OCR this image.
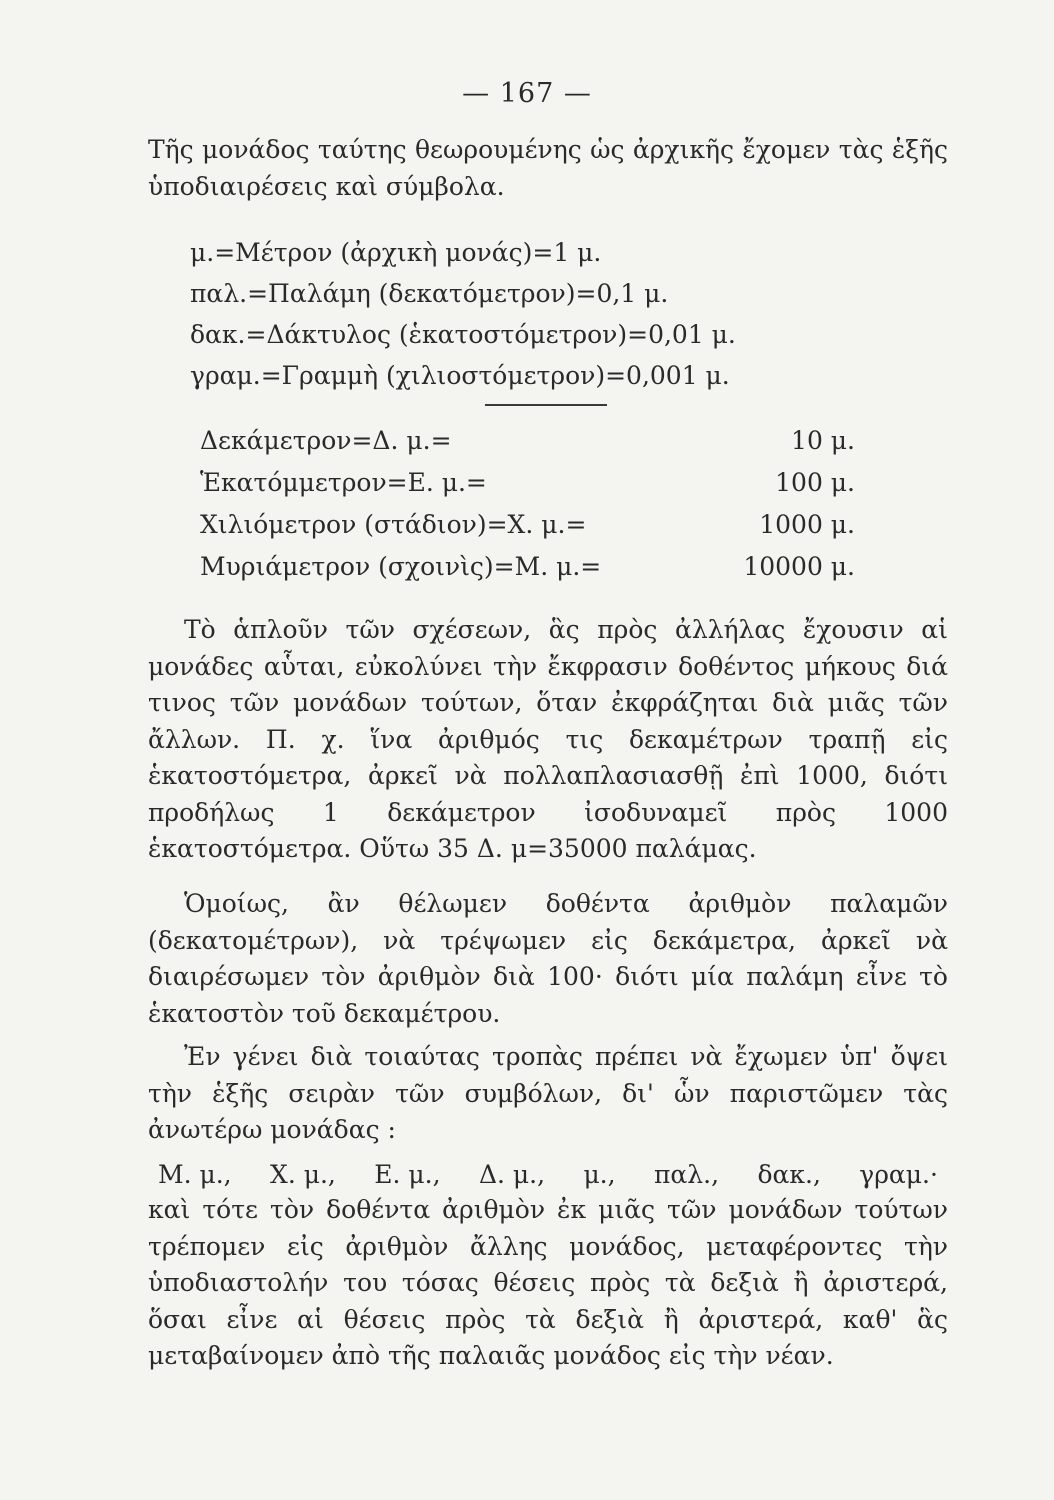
— 167 —
Τῆς μονάδος ταύτης θεωρουμένης ὡς ἀρχικῆς ἔχομεν τὰς ἑξῆς ὑποδιαιρέσεις καὶ σύμβολα.
μ.=Μέτρον (ἀρχικὴ μονάς)=1 μ.
παλ.=Παλάμη (δεκατόμετρον)=0,1 μ.
δακ.=Δάκτυλος (ἑκατοστόμετρον)=0,01 μ.
γραμ.=Γραμμὴ (χιλιοστόμετρον)=0,001 μ.
Δεκάμετρον=Δ. μ.=	10 μ.
Ἑκατόμμετρον=Ε. μ.=	100 μ.
Χιλιόμετρον (στάδιον)=Χ. μ.=	1000 μ.
Μυριάμετρον (σχοινὶς)=Μ. μ.=	10000 μ.
Τὸ ἁπλοῦν τῶν σχέσεων, ἃς πρὸς ἀλλήλας ἔχουσιν αἱ μονάδες αὗται, εὐκολύνει τὴν ἔκφρασιν δοθέντος μήκους διά τινος τῶν μονάδων τούτων, ὅταν ἐκφράζηται διὰ μιᾶς τῶν ἄλλων. Π. χ. ἵνα ἀριθμός τις δεκαμέτρων τραπῇ εἰς ἑκατοστόμετρα, ἀρκεῖ νὰ πολλαπλασιασθῇ ἐπὶ 1000, διότι προδήλως 1 δεκάμετρον ἰσοδυναμεῖ πρὸς 1000 ἑκατοστόμετρα. Οὕτω 35 Δ. μ=35000 παλάμας.
Ὁμοίως, ἂν θέλωμεν δοθέντα ἀριθμὸν παλαμῶν (δεκατομέτρων), νὰ τρέψωμεν εἰς δεκάμετρα, ἀρκεῖ νὰ διαιρέσωμεν τὸν ἀριθμὸν διὰ 100· διότι μία παλάμη εἶνε τὸ ἑκατοστὸν τοῦ δεκαμέτρου.
Ἐν γένει διὰ τοιαύτας τροπὰς πρέπει νὰ ἔχωμεν ὑπ' ὄψει τὴν ἑξῆς σειρὰν τῶν συμβόλων, δι' ὧν παριστῶμεν τὰς ἀνωτέρω μονάδας :
Μ. μ., Χ. μ., Ε. μ., Δ. μ., μ., παλ., δακ., γραμ.·
καὶ τότε τὸν δοθέντα ἀριθμὸν ἐκ μιᾶς τῶν μονάδων τούτων τρέπομεν εἰς ἀριθμὸν ἄλλης μονάδος, μεταφέροντες τὴν ὑποδιαστολήν του τόσας θέσεις πρὸς τὰ δεξιὰ ἢ ἀριστερά, ὅσαι εἶνε αἱ θέσεις πρὸς τὰ δεξιὰ ἢ ἀριστερά, καθ' ἃς μεταβαίνομεν ἀπὸ τῆς παλαιᾶς μονάδος εἰς τὴν νέαν.
